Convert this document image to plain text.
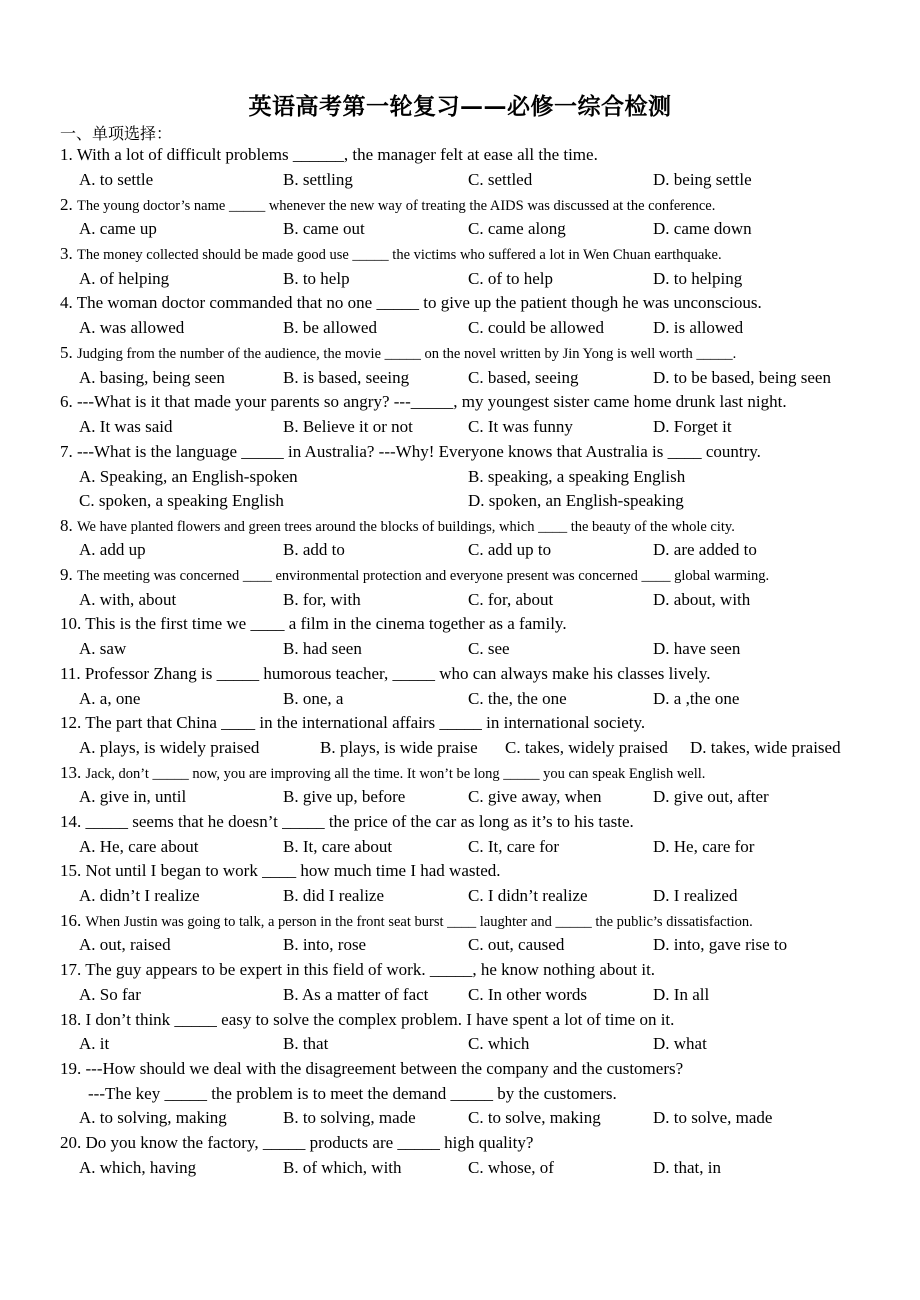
英语高考第一轮复习——必修一综合检测
一、单项选择：
1. With a lot of difficult problems ______, the manager felt at ease all the time.
A. to settle	B. settling	C. settled	D. being settle
2. The young doctor’s name _____ whenever the new way of treating the AIDS was discussed at the conference.
A. came up	B. came out	C. came along	D. came down
3. The money collected should be made good use _____ the victims who suffered a lot in Wen Chuan earthquake.
A. of helping	B. to help	C. of to help	D. to helping
4. The woman doctor commanded that no one _____ to give up the patient though he was unconscious.
A. was allowed	B. be allowed	C. could be allowed	D. is allowed
5. Judging from the number of the audience, the movie _____ on the novel written by Jin Yong is well worth _____.
A. basing, being seen	B. is based, seeing	C. based, seeing	D. to be based, being seen
6. ---What is it that made your parents so angry? ---_____, my youngest sister came home drunk last night.
A. It was said	B. Believe it or not	C. It was funny	D. Forget it
7. ---What is the language _____ in Australia? ---Why! Everyone knows that Australia is ____ country.
A. Speaking, an English-spoken	B. speaking, a speaking English
C. spoken, a speaking English	D. spoken, an English-speaking
8. We have planted flowers and green trees around the blocks of buildings, which ____ the beauty of the whole city.
A. add up	B. add to	C. add up to	D. are added to
9. The meeting was concerned ____ environmental protection and everyone present was concerned ____ global warming.
A. with, about	B. for, with	C. for, about	D. about, with
10. This is the first time we ____ a film in the cinema together as a family.
A. saw	B. had seen	C. see	D. have seen
11. Professor Zhang is _____ humorous teacher, _____ who can always make his classes lively.
A. a, one	B. one, a	C. the, the one	D. a ,the one
12. The part that China ____ in the international affairs _____ in international society.
A. plays, is widely praised	B. plays, is wide praise C. takes, widely praised D. takes, wide praised
13. Jack, don’t _____ now, you are improving all the time. It won’t be long _____ you can speak English well.
A. give in, until	B. give up, before	C. give away, when	D. give out, after
14. _____ seems that he doesn’t _____ the price of the car as long as it’s to his taste.
A. He, care about	B. It, care about	C. It, care for	D. He, care for
15. Not until I began to work ____ how much time I had wasted.
A. didn’t I realize	B. did I realize	C. I didn’t realize	D. I realized
16. When Justin was going to talk, a person in the front seat burst ____ laughter and _____ the public’s dissatisfaction.
A. out, raised	B. into, rose	C. out, caused	D. into, gave rise to
17. The guy appears to be expert in this field of work. _____, he know nothing about it.
A. So far	B. As a matter of fact C. In other words	D. In all
18. I don’t think _____ easy to solve the complex problem. I have spent a lot of time on it.
A. it	B. that	C. which	D. what
19. ---How should we deal with the disagreement between the company and the customers?
---The key _____ the problem is to meet the demand _____ by the customers.
A. to solving, making	B. to solving, made	C. to solve, making	D. to solve, made
20. Do you know the factory, _____ products are _____ high quality?
A. which, having	B. of which, with	C. whose, of	D. that, in
